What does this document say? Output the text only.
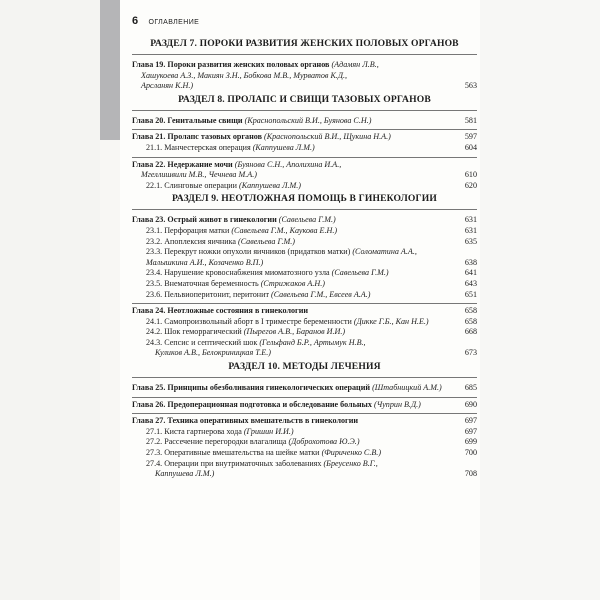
6 ОГЛАВЛЕНИЕ
РАЗДЕЛ 7. ПОРОКИ РАЗВИТИЯ ЖЕНСКИХ ПОЛОВЫХ ОРГАНОВ
Глава 19. Пороки развития женских половых органов (Адамян Л.В.,
Хашукоева А.З., Макиян З.Н., Бобкова М.В., Мурватов К.Д.,
Арсланян К.Н.)	563
РАЗДЕЛ 8. ПРОЛАПС И СВИЩИ ТАЗОВЫХ ОРГАНОВ
Глава 20. Генитальные свищи (Краснопольский В.И., Буянова С.Н.)	581
Глава 21. Пролапс тазовых органов (Краснопольский В.И., Щукина Н.А.)	597
21.1. Манчестерская операция (Каппушева Л.М.)	604
Глава 22. Недержание мочи (Буянова С.Н., Аполихина И.А.,
Мгеллишвили М.В., Чечнева М.А.)	610
22.1. Слинговые операции (Каппушева Л.М.)	620
РАЗДЕЛ 9. НЕОТЛОЖНАЯ ПОМОЩЬ В ГИНЕКОЛОГИИ
Глава 23. Острый живот в гинекологии (Савельева Г.М.)	631
23.1. Перфорация матки (Савельева Г.М., Каукова Е.Н.)	631
23.2. Апоплексия яичника (Савельева Г.М.)	635
23.3. Перекрут ножки опухоли яичников (придатков матки) (Соломатина А.А., Малышкина А.И., Козаченко В.П.)	638
23.4. Нарушение кровоснабжения миоматозного узла (Савельева Г.М.)	641
23.5. Внематочная беременность (Стрижаков А.Н.)	643
23.6. Пельвиоперитонит, перитонит (Савельева Г.М., Евсеев А.А.)	651
Глава 24. Неотложные состояния в гинекологии	658
24.1. Самопроизвольный аборт в I триместре беременности (Дикке Г.Б., Кан Н.Е.)	658
24.2. Шок геморрагический (Пырегов А.В., Баранов И.И.)	668
24.3. Сепсис и септический шок (Гельфанд Б.Р., Артымук Н.В.,
Куликов А.В., Белокриницкая Т.Е.)	673
РАЗДЕЛ 10. МЕТОДЫ ЛЕЧЕНИЯ
Глава 25. Принципы обезболивания гинекологических операций (Штабницкий А.М.)	685
Глава 26. Предоперационная подготовка и обследование больных (Чуприн В.Д.)	690
Глава 27. Техника оперативных вмешательств в гинекологии	697
27.1. Киста гартнерова хода (Гришин И.И.)	697
27.2. Рассечение перегородки влагалища (Доброхотова Ю.Э.)	699
27.3. Оперативные вмешательства на шейке матки (Фириченко С.В.)	700
27.4. Операции при внутриматочных заболеваниях (Бреусенко В.Г.,
Каппушева Л.М.)	708
